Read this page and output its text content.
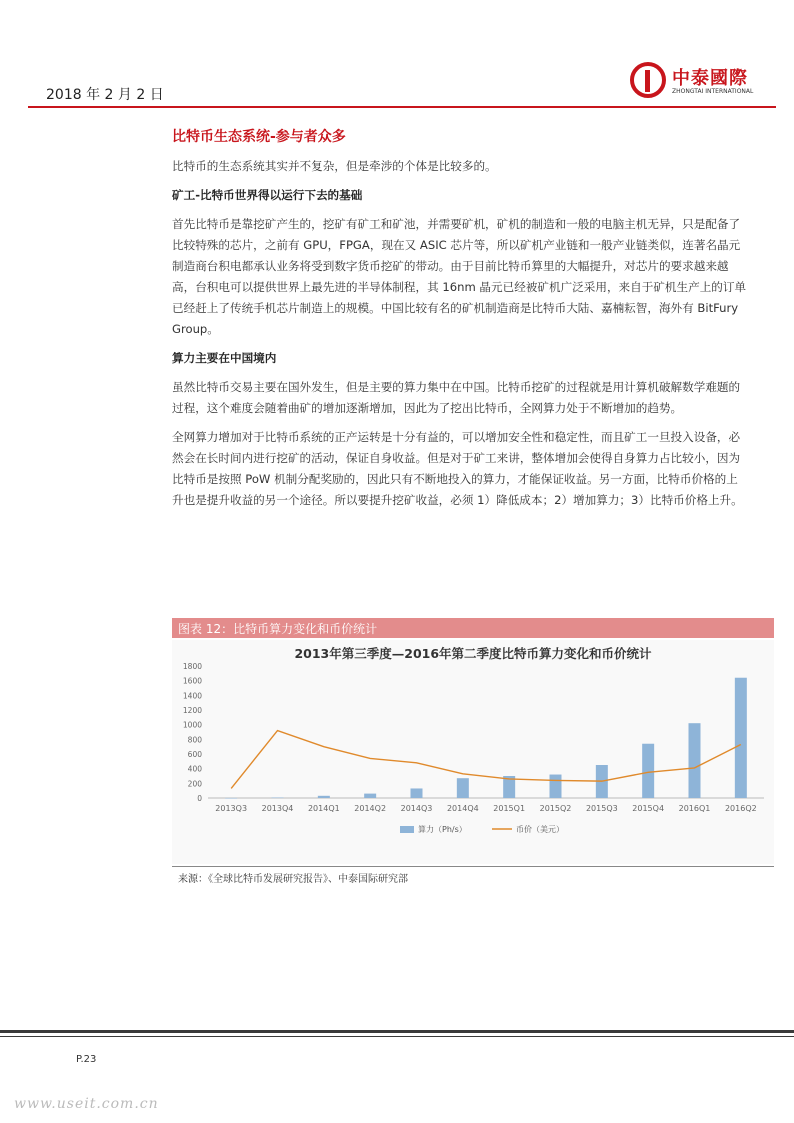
2018 年 2 月 2 日
中泰國際
ZHONGTAI INTERNATIONAL
比特币生态系统-参与者众多

比特币的生态系统其实并不复杂，但是牵涉的个体是比较多的。

矿工-比特币世界得以运行下去的基础

首先比特币是靠挖矿产生的，挖矿有矿工和矿池，并需要矿机，矿机的制造和一般的电脑主机无异，只是配备了比较特殊的芯片，之前有 GPU，FPGA，现在又 ASIC 芯片等，所以矿机产业链和一般产业链类似，连著名晶元制造商台积电都承认业务将受到数字货币挖矿的带动。由于目前比特币算里的大幅提升，对芯片的要求越来越高，台积电可以提供世界上最先进的半导体制程，其 16nm 晶元已经被矿机广泛采用，来自于矿机生产上的订单已经赶上了传统手机芯片制造上的规模。中国比较有名的矿机制造商是比特币大陆、嘉楠耘智，海外有 BitFury Group。

算力主要在中国境内

虽然比特币交易主要在国外发生，但是主要的算力集中在中国。比特币挖矿的过程就是用计算机破解数学难题的过程，这个难度会随着曲矿的增加逐渐增加，因此为了挖出比特币，全网算力处于不断增加的趋势。

全网算力增加对于比特币系统的正产运转是十分有益的，可以增加安全性和稳定性，而且矿工一旦投入设备，必然会在长时间内进行挖矿的活动，保证自身收益。但是对于矿工来讲，整体增加会使得自身算力占比较小，因为比特币是按照 PoW 机制分配奖励的，因此只有不断地投入的算力，才能保证收益。另一方面，比特币价格的上升也是提升收益的另一个途径。所以要提升挖矿收益，必须 1）降低成本；2）增加算力；3）比特币价格上升。

图表 12：比特币算力变化和币价统计
2013年第三季度—2016年第二季度比特币算力变化和币价统计
0
200
400
600
800
1000
1200
1400
1600
1800
2013Q3 2013Q4 2014Q1 2014Q2 2014Q3 2014Q4 2015Q1 2015Q2 2015Q3 2015Q4 2016Q1 2016Q2
算力（Ph/s）	币价（美元）
来源：《全球比特币发展研究报告》、中泰国际研究部
P.23
www.useit.com.cn
